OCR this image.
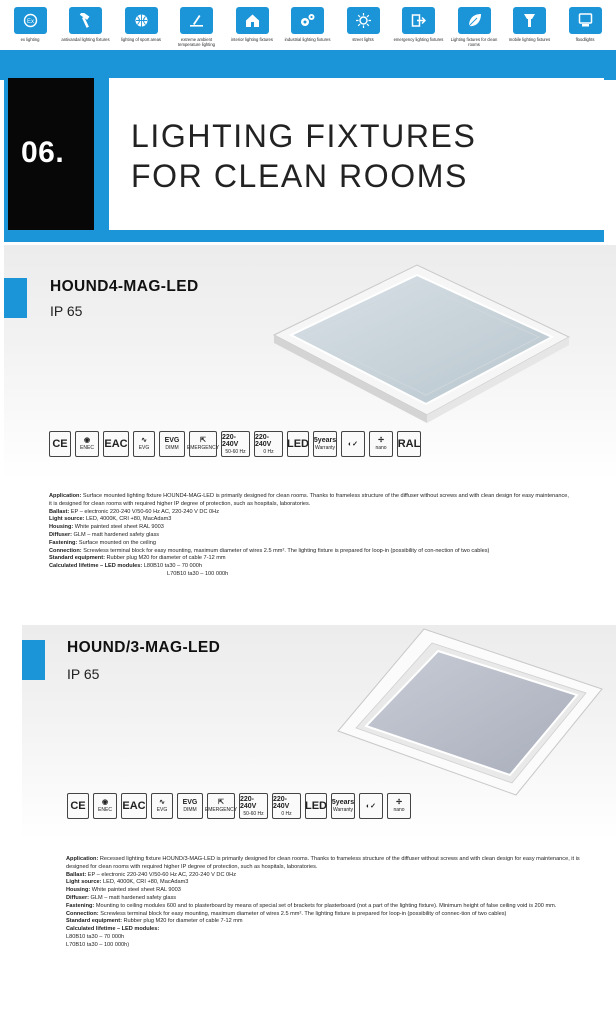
Ex
ex lighting	antivandal lighting fixtures	lighting of sport areas	extreme ambient temperature lighting
interior lighting fixtures	industrial lighting fixtures	street lights	emergency lighting fixtures	Lighting fixtures for clean rooms
mobile lighting fixtures	floodlights
06. LIGHTING FIXTURES
FOR CLEAN ROOMS
HOUND4-MAG-LED
IP 65
CE ◉
ENEC EAC ∿
EVG
EVG
DIMM
⇱
EMERGENCY
220-240V
50-60 Hz
220-240V
0 Hz
LED 5years
Warranty
◐✓	✢
nano RAL
Application: Surface mounted lighting fixture HOUND4-MAG-LED is primarily designed for clean rooms. Thanks to frameless structure of the diffuser without screws and with clean design for easy maintenance, it is designed for clean rooms with required higher IP degree of protection, such as hospitals, laboratories.
Ballast: EP – electronic 220-240 V/50-60 Hz AC, 220-240 V DC 0Hz
Light source: LED, 4000K, CRI +80, MacAdam3
Housing: White painted steel sheet RAL 9003
Diffuser: GLM – matt hardened safety glass
Fastening: Surface mounted on the ceiling
Connection: Screwless terminal block for easy mounting, maximum diameter of wires 2.5 mm². The lighting fixture is prepared for loop-in (possibility of con-nection of two cables)
Standard equipment: Rubber plug M20 for diameter of cable 7-12 mm
Calculated lifetime – LED modules: L80B10 ta30 – 70 000h
L70B10 ta30 – 100 000h
HOUND/3-MAG-LED
IP 65
CE ◉
ENEC EAC ∿
EVG
EVG
DIMM
⇱
EMERGENCY
220-240V
50-60 Hz
220-240V
0 Hz
LED 5years
Warranty
◐✓	✢
nano
Application: Recessed lighting fixture HOUND/3-MAG-LED is primarily designed for clean rooms. Thanks to frameless structure of the diffuser without screws and with clean design for easy maintenance, it is designed for clean rooms with required higher IP degree of protection, such as hospitals, laboratories.
Ballast: EP – electronic 220-240 V/50-60 Hz AC, 220-240 V DC 0Hz
Light source: LED, 4000K, CRI +80, MacAdam3
Housing: White painted steel sheet RAL 9003
Diffuser: GLM – matt hardened safety glass
Fastening: Mounting to ceiling modules 600 and to plasterboard by means of special set of brackets for plasterboard (not a part of the lighting fixture). Minimum height of false ceiling void is 200 mm.
Connection: Screwless terminal block for easy mounting, maximum diameter of wires 2.5 mm². The lighting fixture is prepared for loop-in (possibility of connec-tion of two cables)
Standard equipment: Rubber plug M20 for diameter of cable 7-12 mm
Calculated lifetime – LED modules:
L80B10 ta30 – 70 000h
L70B10 ta30 – 100 000h)
